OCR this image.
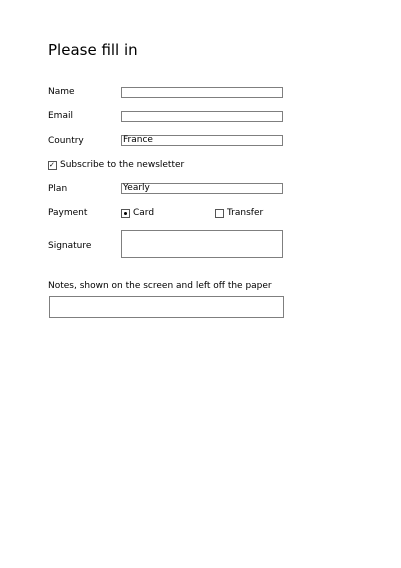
Please fill in
Name
Email
Country	France
✓ Subscribe to the newsletter
Plan	Yearly
Payment	Card	Transfer
Signature
Notes, shown on the screen and left off the paper
